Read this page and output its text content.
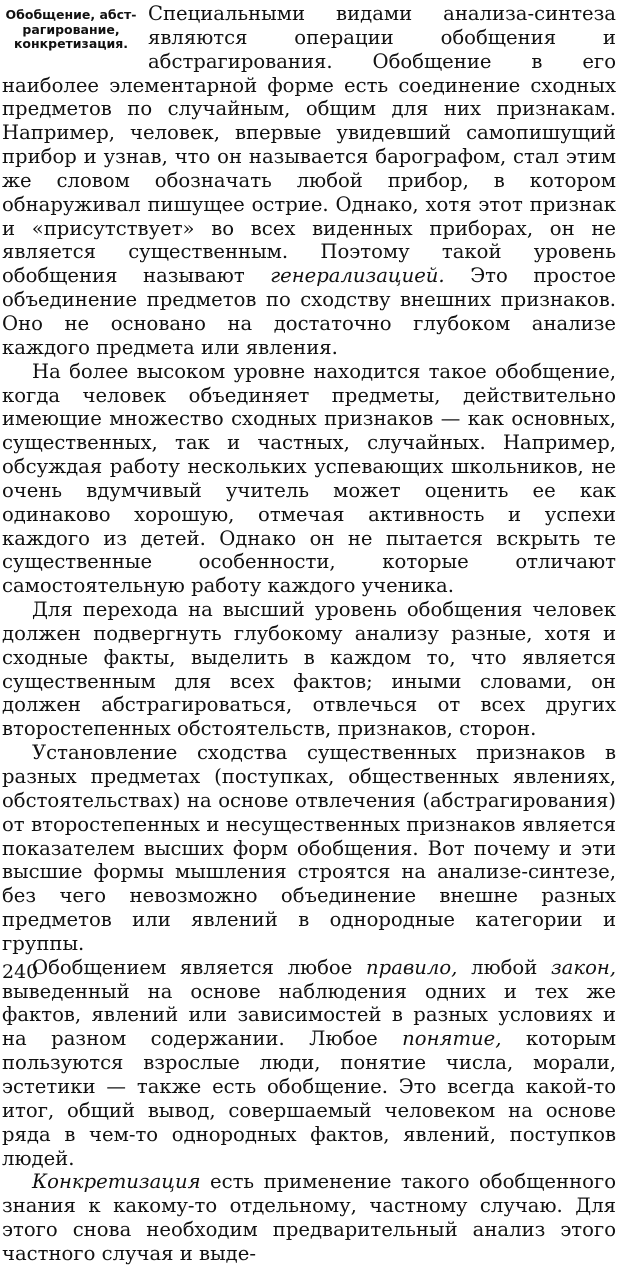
Обобщение, абст-
рагирование,
конкретизация.

Специальными видами анализа-синтеза являются операции обобщения и абстрагирования. Обобщение в его наиболее элементарной форме есть соединение сходных предметов по случайным, общим для них признакам. Например, человек, впервые увидевший самопишущий прибор и узнав, что он называется барографом, стал этим же словом обозначать любой прибор, в котором обнаруживал пишущее острие. Однако, хотя этот признак и «присутствует» во всех виденных приборах, он не является существенным. Поэтому такой уровень обобщения называют генерализацией. Это простое объединение предметов по сходству внешних признаков. Оно не основано на достаточно глубоком анализе каждого предмета или явления.

На более высоком уровне находится такое обобщение, когда человек объединяет предметы, действительно имеющие множество сходных признаков — как основных, существенных, так и частных, случайных. Например, обсуждая работу нескольких успевающих школьников, не очень вдумчивый учитель может оценить ее как одинаково хорошую, отмечая активность и успехи каждого из детей. Однако он не пытается вскрыть те существенные особенности, которые отличают самостоятельную работу каждого ученика.

Для перехода на высший уровень обобщения человек должен подвергнуть глубокому анализу разные, хотя и сходные факты, выделить в каждом то, что является существенным для всех фактов; иными словами, он должен абстрагироваться, отвлечься от всех других второстепенных обстоятельств, признаков, сторон.

Установление сходства существенных признаков в разных предметах (поступках, общественных явлениях, обстоятельствах) на основе отвлечения (абстрагирования) от второстепенных и несущественных признаков является показателем высших форм обобщения. Вот почему и эти высшие формы мышления строятся на анализе-синтезе, без чего невозможно объединение внешне разных предметов или явлений в однородные категории и группы.

Обобщением является любое правило, любой закон, выведенный на основе наблюдения одних и тех же фактов, явлений или зависимостей в разных условиях и на разном содержании. Любое понятие, которым пользуются взрослые люди, понятие числа, морали, эстетики — также есть обобщение. Это всегда какой-то итог, общий вывод, совершаемый человеком на основе ряда в чем-то однородных фактов, явлений, поступков людей.

Конкретизация есть применение такого обобщенного знания к какому-то отдельному, частному случаю. Для этого снова необходим предварительный анализ этого частного случая и выде-

240
